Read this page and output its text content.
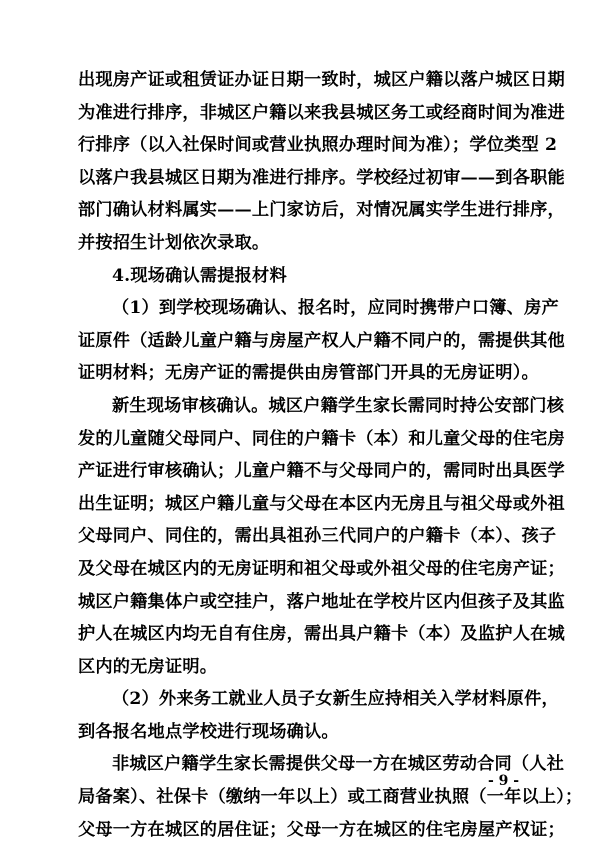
出现房产证或租赁证办证日期一致时，城区户籍以落户城区日期
为准进行排序，非城区户籍以来我县城区务工或经商时间为准进
行排序（以入社保时间或营业执照办理时间为准）；学位类型 2
以落户我县城区日期为准进行排序。学校经过初审——到各职能
部门确认材料属实——上门家访后，对情况属实学生进行排序，
并按招生计划依次录取。
4.现场确认需提报材料
（1）到学校现场确认、报名时，应同时携带户口簿、房产
证原件（适龄儿童户籍与房屋产权人户籍不同户的，需提供其他
证明材料；无房产证的需提供由房管部门开具的无房证明）。
新生现场审核确认。城区户籍学生家长需同时持公安部门核
发的儿童随父母同户、同住的户籍卡（本）和儿童父母的住宅房
产证进行审核确认；儿童户籍不与父母同户的，需同时出具医学
出生证明；城区户籍儿童与父母在本区内无房且与祖父母或外祖
父母同户、同住的，需出具祖孙三代同户的户籍卡（本）、孩子
及父母在城区内的无房证明和祖父母或外祖父母的住宅房产证；
城区户籍集体户或空挂户，落户地址在学校片区内但孩子及其监
护人在城区内均无自有住房，需出具户籍卡（本）及监护人在城
区内的无房证明。
（2）外来务工就业人员子女新生应持相关入学材料原件，
到各报名地点学校进行现场确认。
非城区户籍学生家长需提供父母一方在城区劳动合同（人社
局备案）、社保卡（缴纳一年以上）或工商营业执照（一年以上）；
父母一方在城区的居住证；父母一方在城区的住宅房屋产权证；
- 9 -
